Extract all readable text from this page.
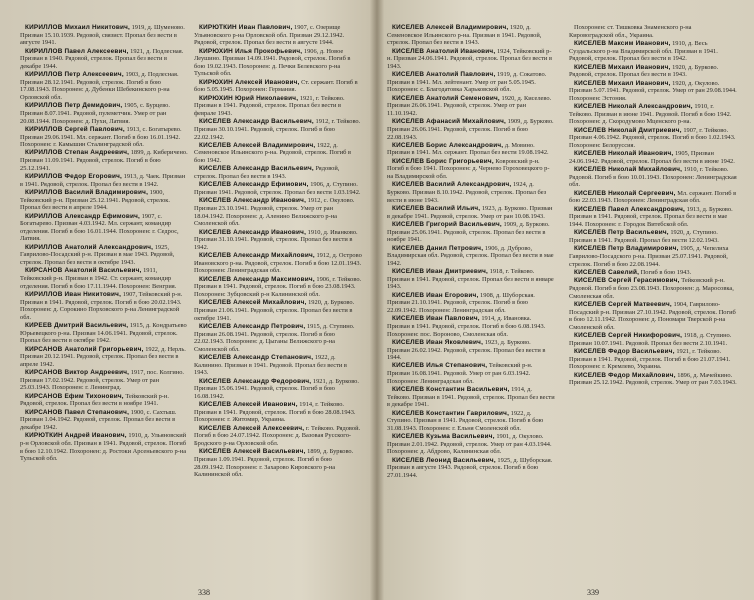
КИРИЛЛОВ Михаил Никитович, 1919, д. Шуменово. Призван 15.10.1939. Рядовой, связист. Пропал без вести в августе 1941.

КИРИЛЛОВ Павел Алексеевич, 1921, д. Подлесная. Призван в 1940. Рядовой, стрелок. Пропал без вести в декабре 1944.

КИРИЛЛОВ Петр Алексеевич, 1903, д. Подлесная. Призван 28.12.1941. Рядовой, стрелок. Погиб в бою 17.08.1943. Похоронен: д. Дубенки Шебекинского р-на Орловской обл.

КИРИЛЛОВ Петр Демидович, 1905, с. Бурцево. Призван 8.07.1941. Рядовой, пулеметчик. Умер от ран 20.08.1944. Похоронен: д. Пухи, Латвия.

КИРИЛЛОВ Сергей Павлович, 1913, с. Богатырево. Призван 29.06.1941. Мл. сержант. Погиб в бою 16.01.1942. Похоронен: г. Камышин Сталинградской обл.

КИРИЛЛОВ Степан Андреевич, 1899, д. Киберичено. Призван 11.09.1941. Рядовой, стрелок. Погиб в бою 25.12.1941.

КИРИЛЛОВ Федор Егорович, 1913, д. Чаек. Призван в 1941. Рядовой, стрелок. Пропал без вести в 1942.

КИРИЛЛОВ Василий Владимирович, 1900, Тейковский р-н. Призван 25.12.1941. Рядовой, стрелок. Пропал без вести в апреле 1944.

КИРИЛЛОВ Александр Ефимович, 1907, с. Богатырево. Призван 4.03.1942. Мл. сержант, командир отделения. Погиб в бою 16.01.1944. Похоронен: г. Седрос, Латвия.

КИРИЛЛОВ Анатолий Александрович, 1925, Гаврилово-Посадский р-н. Призван в мае 1943. Рядовой, стрелок. Пропал без вести в октябре 1943.

КИРСАНОВ Анатолий Васильевич, 1911, Тейковский р-н. Призван в 1942. Ст. сержант, командир отделения. Погиб в бою 17.11.1944. Похоронен: Венгрия.

КИРИЛЛОВ Иван Никитович, 1907, Тейковский р-н. Призван в 1941. Рядовой, стрелок. Погиб в бою 20.02.1943. Похоронен: д. Сорокино Порховского р-на Ленинградской обл.

КИРЕЕВ Дмитрий Васильевич, 1915, д. Кондратьево Юрьевецкого р-на. Призван 14.06.1941. Рядовой, стрелок. Пропал без вести в октябре 1942.

КИРСАНОВ Анатолий Григорьевич, 1922, д. Нерль. Призван 20.12.1941. Рядовой, стрелок. Пропал без вести в апреле 1942.

КИРСАНОВ Виктор Андреевич, 1917, пос. Колгино. Призван 17.02.1942. Рядовой, стрелок. Умер от ран 25.03.1943. Похоронен: г. Ленинград.

КИРСАНОВ Ефим Тихонович, Тейковский р-н. Рядовой, стрелок. Пропал без вести в ноябре 1941.

КИРСАНОВ Павел Степанович, 1900, с. Сахтыш. Призван 1.04.1942. Рядовой, стрелок. Пропал без вести в декабре 1942.

КИРЮТКИН Андрей Иванович, 1910, д. Ульяновский р-н Орловской обл. Призван в 1941. Рядовой, стрелок. Погиб в бою 12.10.1942. Похоронен: д. Ростоки Арсеньевского р-на Тульской обл.

КИРЮТКИН Иван Павлович, 1907, с. Озерище Ульяновского р-на Орловской обл. Призван 29.12.1942. Рядовой, стрелок. Пропал без вести в августе 1944.

КИРЮХИН Илья Прокофьевич, 1906, д. Новое Леушино. Призван 14.09.1941. Рядовой, стрелок. Погиб в бою 19.02.1943. Похоронен: д. Печки Белевского р-на Тульской обл.

КИРЮХИН Алексей Иванович, Ст. сержант. Погиб в бою 5.05.1945. Похоронен: Германия.

КИРЮХИН Юрий Николаевич, 1921, г. Тейково. Призван в 1941. Рядовой, стрелок. Пропал без вести в феврале 1943.

КИСЕЛЕВ Александр Васильевич, 1912, г. Тейково. Призван 30.10.1941. Рядовой, стрелок. Погиб в бою 22.02.1942.

КИСЕЛЕВ Алексей Владимирович, 1922, д. Семеновское Ильинского р-на. Рядовой, стрелок. Погиб в бою 1942.

КИСЕЛЕВ Александр Васильевич, Рядовой, стрелок. Пропал без вести в 1943.

КИСЕЛЕВ Александр Ефимович, 1906, д. Ступино. Призван 1941. Рядовой, стрелок. Пропал без вести 1.03.1942.

КИСЕЛЕВ Александр Иванович, 1912, с. Окулово. Призван 23.10.1941. Рядовой, стрелок. Умер от ран 18.04.1942. Похоронен: д. Аленино Велижского р-на Смоленской обл.

КИСЕЛЕВ Александр Иванович, 1910, д. Иванково. Призван 31.10.1941. Рядовой, стрелок. Пропал без вести в 1942.

КИСЕЛЕВ Александр Михайлович, 1912, д. Острово Ивановского р-на. Рядовой, стрелок. Погиб в бою 12.01.1943. Похоронен: Ленинградская обл.

КИСЕЛЕВ Александр Максимович, 1906, г. Тейково. Призван в 1941. Рядовой, стрелок. Погиб в бою 23.08.1943. Похоронен: Зубцовский р-н Калининской обл.

КИСЕЛЕВ Алексей Михайлович, 1920, д. Бурково. Призван 21.06.1941. Рядовой, стрелок. Пропал без вести в октябре 1941.

КИСЕЛЕВ Александр Петрович, 1915, д. Ступино. Призван 26.08.1941. Рядовой, стрелок. Погиб в бою 22.02.1943. Похоронен: д. Цыганы Велижского р-на Смоленской обл.

КИСЕЛЕВ Александр Степанович, 1922, д. Калинино. Призван в 1941. Рядовой. Пропал без вести в 1943.

КИСЕЛЕВ Александр Федорович, 1921, д. Бурково. Призван 15.06.1941. Рядовой, стрелок. Погиб в бою 16.08.1942.

КИСЕЛЕВ Алексей Иванович, 1914, г. Тейково. Призван в 1941. Рядовой, стрелок. Погиб в бою 28.08.1943. Похоронен: г. Житомир, Украина.

КИСЕЛЕВ Алексей Алексеевич, г. Тейково. Рядовой. Погиб в бою 24.07.1942. Похоронен: д. Вазовая Русского-Бродского р-на Орловской обл.

КИСЕЛЕВ Алексей Васильевич, 1899, д. Бурково. Призван 1.09.1941. Рядовой, стрелок. Погиб в бою 28.09.1942. Похоронен: г. Захарово Кировского р-на Калининской обл.

338

КИСЕЛЕВ Алексей Владимирович, 1920, д. Семеновское Ильинского р-на. Призван в 1941. Рядовой, стрелок. Пропал без вести в 1943.

КИСЕЛЕВ Анатолий Иванович, 1924, Тейковский р-н. Призван 24.06.1941. Рядовой, стрелок. Пропал без вести в 1943.

КИСЕЛЕВ Анатолий Павлович, 1919, д. Сокатово. Призван в 1941. Мл. лейтенант. Умер от ран 5.05.1945. Похоронен: с. Благодатовка Харьковской обл.

КИСЕЛЕВ Анатолий Семенович, 1920, д. Киселево. Призван 26.06.1941. Рядовой, стрелок. Умер от ран 11.10.1942.

КИСЕЛЕВ Афанасий Михайлович, 1909, д. Бурково. Призван 26.06.1941. Рядовой, стрелок. Погиб в бою 22.08.1943.

КИСЕЛЕВ Борис Александрович, д. Мовино. Призван в 1941. Мл. сержант. Пропал без вести 19.08.1942.

КИСЕЛЕВ Борис Григорьевич, Ковровский р-н. Погиб в бою 1941. Похоронен: д. Чернево Гороховецкого р-на Владимирской обл.

КИСЕЛЕВ Василий Александрович, 1924, д. Бурково. Призван 8.10.1942. Рядовой, стрелок. Пропал без вести в июне 1943.

КИСЕЛЕВ Василий Ильич, 1923, д. Бурково. Призван в декабре 1941. Рядовой, стрелок. Умер от ран 10.08.1943.

КИСЕЛЕВ Григорий Васильевич, 1909, д. Бурково. Призван 25.06.1941. Рядовой, стрелок. Пропал без вести в ноябре 1941.

КИСЕЛЕВ Данил Петрович, 1906, д. Дуброво, Владимирская обл. Рядовой, стрелок. Пропал без вести в мае 1942.

КИСЕЛЕВ Иван Дмитриевич, 1918, г. Тейково. Призван в 1941. Рядовой, стрелок. Пропал без вести в январе 1943.

КИСЕЛЕВ Иван Егорович, 1908, д. Шуборская. Призван 21.10.1941. Рядовой, стрелок. Погиб в бою 22.09.1942. Похоронен: Ленинградская обл.

КИСЕЛЕВ Иван Павлович, 1914, д. Ивановка. Призван в 1941. Рядовой, стрелок. Погиб в бою 6.08.1943. Похоронен: пос. Вороново, Смоленская обл.

КИСЕЛЕВ Иван Яковлевич, 1923, д. Бурково. Призван 26.02.1942. Рядовой, стрелок. Пропал без вести в 1944.

КИСЕЛЕВ Илья Степанович, Тейковский р-н. Призван 16.08.1941. Рядовой. Умер от ран 6.03.1942. Похоронен: Ленинградская обл.

КИСЕЛЕВ Константин Васильевич, 1914, д. Тейково. Призван в 1941. Рядовой, стрелок. Пропал без вести в декабре 1941.

КИСЕЛЕВ Константин Гаврилович, 1922, д. Ступино. Призван в 1941. Рядовой, стрелок. Погиб в бою 31.08.1943. Похоронен: г. Ельня Смоленской обл.

КИСЕЛЕВ Кузьма Васильевич, 1901, д. Окулово. Призван 2.01.1942. Рядовой, стрелок. Умер от ран 4.03.1944. Похоронен: д. Абдрово, Калининская обл.

КИСЕЛЕВ Леонид Васильевич, 1925, д. Шуборская. Призван в августе 1943. Рядовой, стрелок. Погиб в бою 27.01.1944.

Похоронен: ст. Тишковка Знаменского р-на Кировоградской обл., Украина.

КИСЕЛЕВ Максим Иванович, 1910, д. Весь Суздальского р-на Владимирской обл. Призван в 1941. Рядовой, стрелок. Пропал без вести в 1942.

КИСЕЛЕВ Михаил Иванович, 1920, д. Бурково. Рядовой, стрелок. Пропал без вести в 1943.

КИСЕЛЕВ Михаил Иванович, 1920, д. Окулово. Призван 5.07.1941. Рядовой, стрелок. Умер от ран 29.08.1944. Похоронен: Эстония.

КИСЕЛЕВ Николай Александрович, 1910, г. Тейково. Призван в июне 1941. Рядовой. Погиб в бою 1942. Похоронен: д. Скородумово Мценского р-на.

КИСЕЛЕВ Николай Дмитриевич, 1907, г. Тейково. Призван 4.06.1942. Рядовой, стрелок. Погиб в бою 1.02.1943. Похоронен: Белоруссия.

КИСЕЛЕВ Николай Иванович, 1905, Призван 24.06.1942. Рядовой, стрелок. Пропал без вести в июне 1942.

КИСЕЛЕВ Николай Михайлович, 1910, г. Тейково. Рядовой. Погиб в бою 10.01.1943. Похоронен: Ленинградская обл.

КИСЕЛЕВ Николай Сергеевич, Мл. сержант. Погиб в бою 22.03.1943. Похоронен: Ленинградская обл.

КИСЕЛЕВ Павел Александрович, 1913, д. Бурково. Призван в 1941. Рядовой, стрелок. Пропал без вести в мае 1944. Похоронен: г. Городок Витебской обл.

КИСЕЛЕВ Петр Васильевич, 1920, д. Ступино. Призван в 1941. Рядовой. Пропал без вести 12.02.1943.

КИСЕЛЕВ Петр Владимирович, 1905, д. Чепелиха Гаврилово-Посадского р-на. Призван 25.07.1941. Рядовой, стрелок. Погиб в бою 22.08.1944.

КИСЕЛЕВ Савелий, Погиб в бою 1943.

КИСЕЛЕВ Сергей Герасимович, Тейковский р-н. Рядовой. Погиб в бою 23.08.1943. Похоронен: д. Маросовка, Смоленская обл.

КИСЕЛЕВ Сергей Матвеевич, 1904, Гаврилово-Посадский р-н. Призван 27.10.1942. Рядовой, стрелок. Погиб в бою 12.11.1942. Похоронен: д. Пономари Тверской р-на Смоленской обл.

КИСЕЛЕВ Сергей Никифорович, 1918, д. Ступино. Призван 10.07.1941. Рядовой. Пропал без вести 2.10.1941.

КИСЕЛЕВ Федор Васильевич, 1921, г. Тейково. Призван в 1941. Рядовой, стрелок. Погиб в бою 21.07.1941. Похоронен: г. Кремлево, Украина.

КИСЕЛЕВ Федор Михайлович, 1896, д. Мачейкино. Призван 25.12.1942. Рядовой, стрелок. Умер от ран 7.03.1943.

339
